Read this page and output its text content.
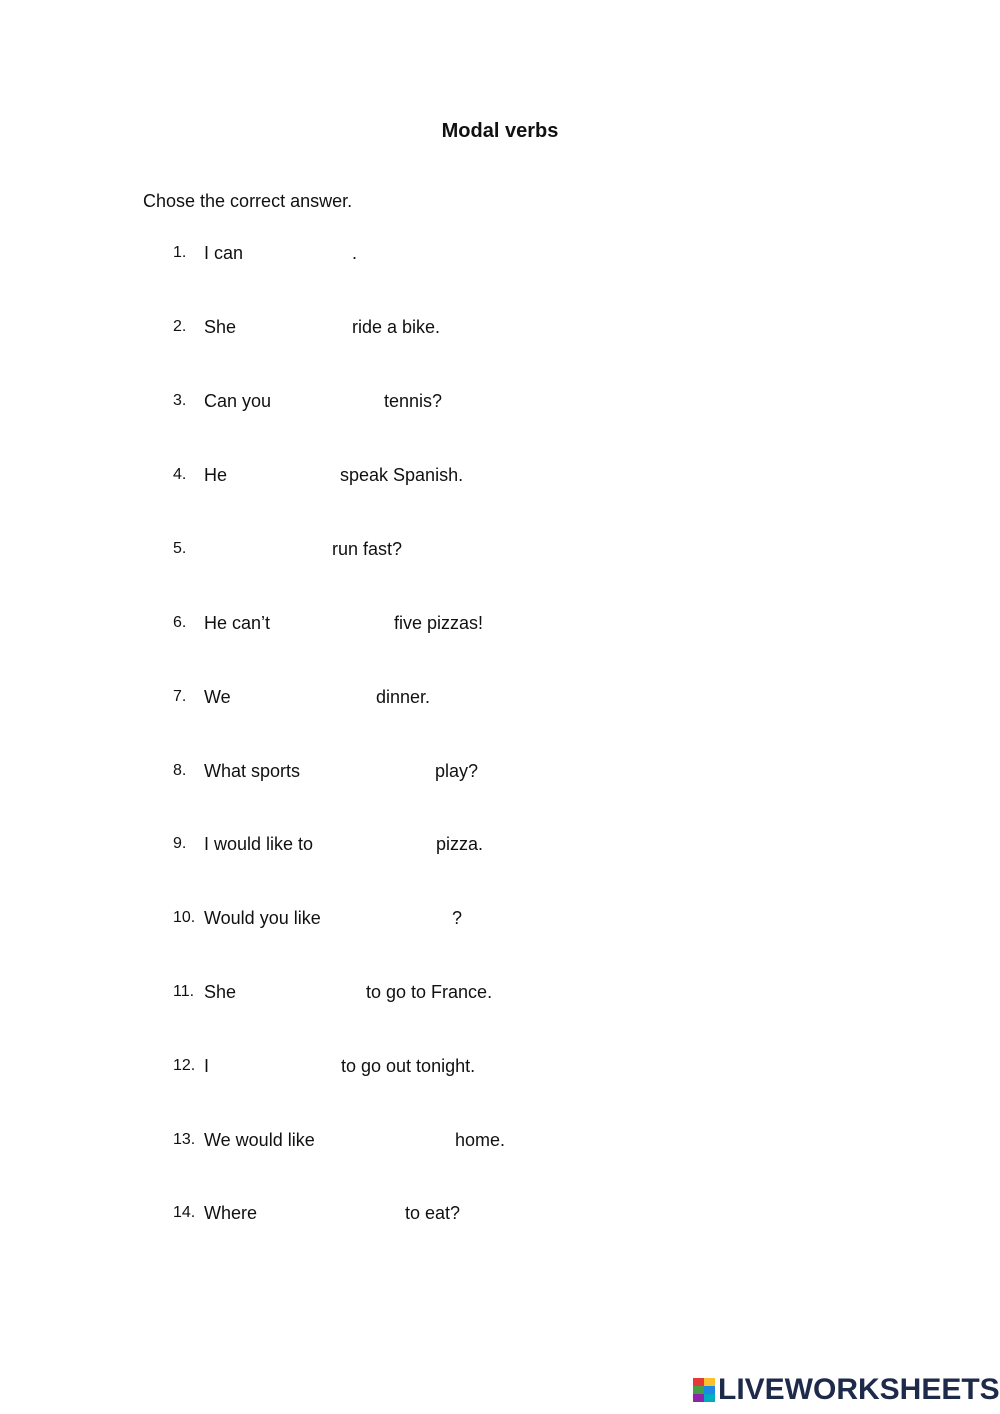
Modal verbs

Chose the correct answer.

1. I can	.
2. She	ride a bike.
3. Can you	tennis?
4. He	speak Spanish.
5.	run fast?
6. He can’t	five pizzas!
7. We	dinner.
8. What sports	play?
9. I would like to	pizza.
10. Would you like	?
11. She	to go to France.
12. I	to go out tonight.
13. We would like	home.
14. Where	to eat?
LIVEWORKSHEETS
